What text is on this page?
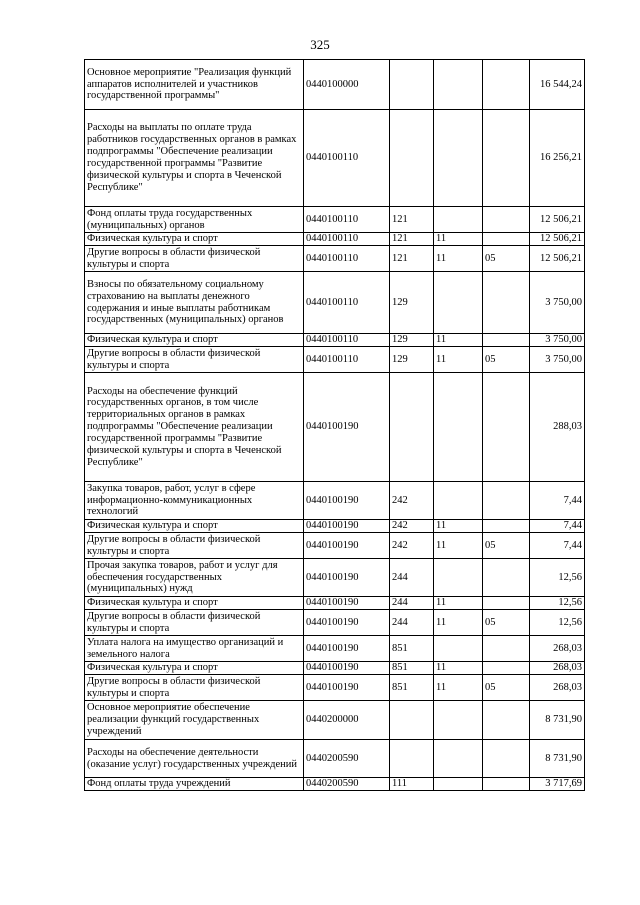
325
Основное мероприятие "Реализация функций аппаратов исполнителей и участников государственной программы"	0440100000				16 544,24
Расходы на выплаты по оплате труда работников государственных органов в рамках подпрограммы "Обеспечение реализации государственной программы "Развитие физической культуры и спорта в Чеченской Республике"	0440100110				16 256,21
Фонд оплаты труда государственных (муниципальных) органов	0440100110	121			12 506,21
Физическая культура и спорт	0440100110	121	11		12 506,21
Другие вопросы в области физической культуры и спорта	0440100110	121	11	05	12 506,21
Взносы по обязательному социальному страхованию на выплаты денежного содержания и иные выплаты работникам государственных (муниципальных) органов	0440100110	129			3 750,00
Физическая культура и спорт	0440100110	129	11		3 750,00
Другие вопросы в области физической культуры и спорта	0440100110	129	11	05	3 750,00
Расходы на обеспечение функций государственных органов, в том числе территориальных органов в рамках подпрограммы "Обеспечение реализации государственной программы "Развитие физической культуры и спорта в Чеченской Республике"	0440100190				288,03
Закупка товаров, работ, услуг в сфере информационно-коммуникационных технологий	0440100190	242			7,44
Физическая культура и спорт	0440100190	242	11		7,44
Другие вопросы в области физической культуры и спорта	0440100190	242	11	05	7,44
Прочая закупка товаров, работ и услуг для обеспечения государственных (муниципальных) нужд	0440100190	244			12,56
Физическая культура и спорт	0440100190	244	11		12,56
Другие вопросы в области физической культуры и спорта	0440100190	244	11	05	12,56
Уплата налога на имущество организаций и земельного налога	0440100190	851			268,03
Физическая культура и спорт	0440100190	851	11		268,03
Другие вопросы в области физической культуры и спорта	0440100190	851	11	05	268,03
Основное мероприятие обеспечение реализации функций государственных учреждений	0440200000				8 731,90
Расходы на обеспечение деятельности (оказание услуг) государственных учреждений	0440200590				8 731,90
Фонд оплаты труда учреждений	0440200590	111			3 717,69
